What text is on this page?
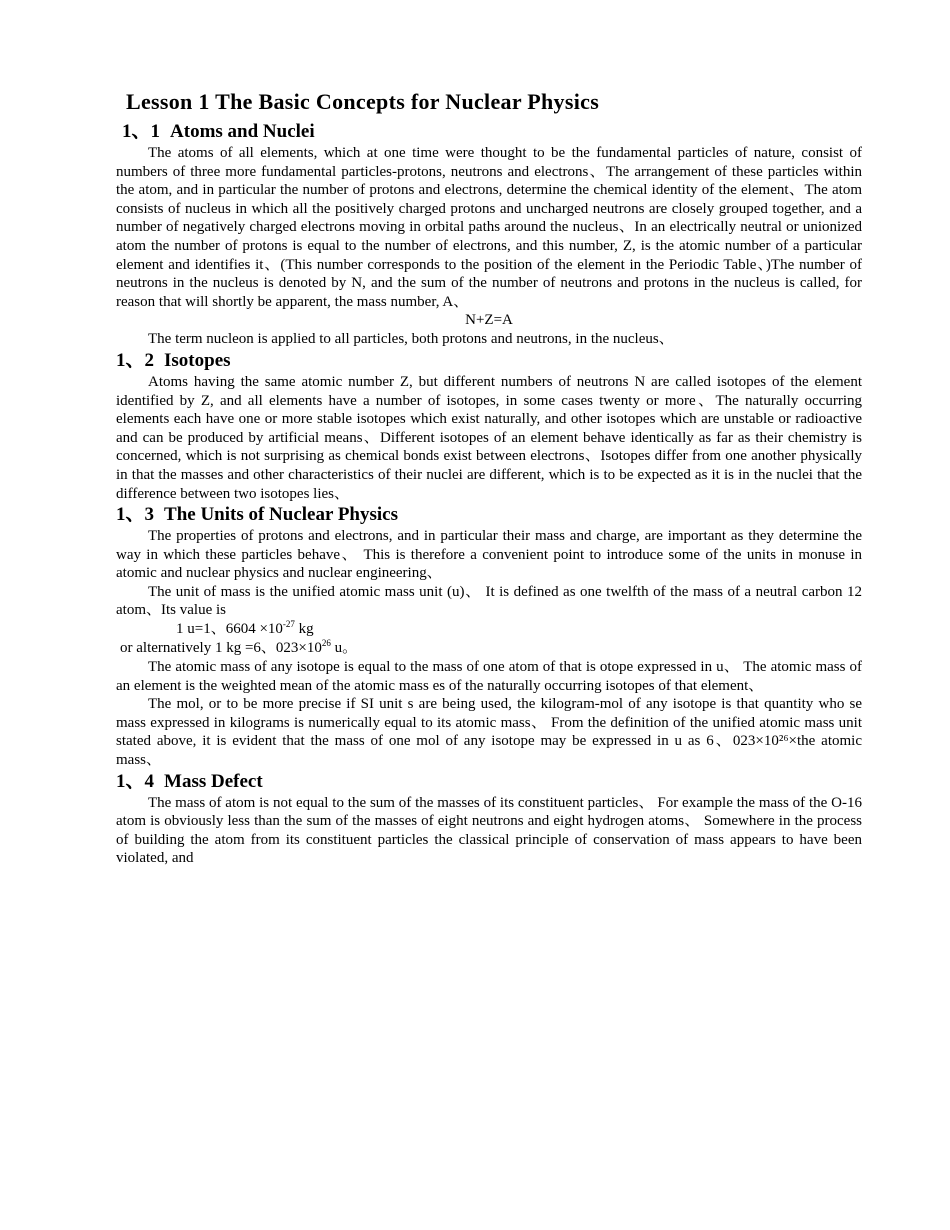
Lesson 1 The Basic Concepts for Nuclear Physics
1、1 Atoms and Nuclei

The atoms of all elements, which at one time were thought to be the fundamental particles of nature, consist of numbers of three more fundamental particles-protons, neutrons and electrons、The arrangement of these particles within the atom, and in particular the number of protons and electrons, determine the chemical identity of the element、The atom consists of nucleus in which all the positively charged protons and uncharged neutrons are closely grouped together, and a number of negatively charged electrons moving in orbital paths around the nucleus、In an electrically neutral or unionized atom the number of protons is equal to the number of electrons, and this number, Z, is the atomic number of a particular element and identifies it、(This number corresponds to the position of the element in the Periodic Table、)The number of neutrons in the nucleus is denoted by N, and the sum of the number of neutrons and protons in the nucleus is called, for reason that will shortly be apparent, the mass number, A、

N+Z=A

The term nucleon is applied to all particles, both protons and neutrons, in the nucleus、

1、2 Isotopes

Atoms having the same atomic number Z, but different numbers of neutrons N are called isotopes of the element identified by Z, and all elements have a number of isotopes, in some cases twenty or more、The naturally occurring elements each have one or more stable isotopes which exist naturally, and other isotopes which are unstable or radioactive and can be produced by artificial means、Different isotopes of an element behave identically as far as their chemistry is concerned, which is not surprising as chemical bonds exist between electrons、Isotopes differ from one another physically in that the masses and other characteristics of their nuclei are different, which is to be expected as it is in the nuclei that the difference between two isotopes lies、

1、3 The Units of Nuclear Physics

The properties of protons and electrons, and in particular their mass and charge, are important as they determine the way in which these particles behave、 This is therefore a convenient point to introduce some of the units in monuse in atomic and nuclear physics and nuclear engineering、

The unit of mass is the unified atomic mass unit (u)、 It is defined as one twelfth of the mass of a neutral carbon 12 atom、Its value is

1 u=1、$6604 \times 10^{-27}$ kg

or alternatively 1 kg =6、$023\times 10^{26}$ u。

The atomic mass of any isotope is equal to the mass of one atom of that is otope expressed in u、 The atomic mass of an element is the weighted mean of the atomic mass es of the naturally occurring isotopes of that element、

The mol, or to be more precise if SI unit s are being used, the kilogram-mol of any isotope is that quantity who se mass expressed in kilograms is numerically equal to its atomic mass、 From the definition of the unified atomic mass unit stated above, it is evident that the mass of one mol of any isotope may be expressed in u as 6、023×10²⁶×the atomic mass、

1、4 Mass Defect

The mass of atom is not equal to the sum of the masses of its constituent particles、 For example the mass of the O-16 atom is obviously less than the sum of the masses of eight neutrons and eight hydrogen atoms、 Somewhere in the process of building the atom from its constituent particles the classical principle of conservation of mass appears to have been violated, and
